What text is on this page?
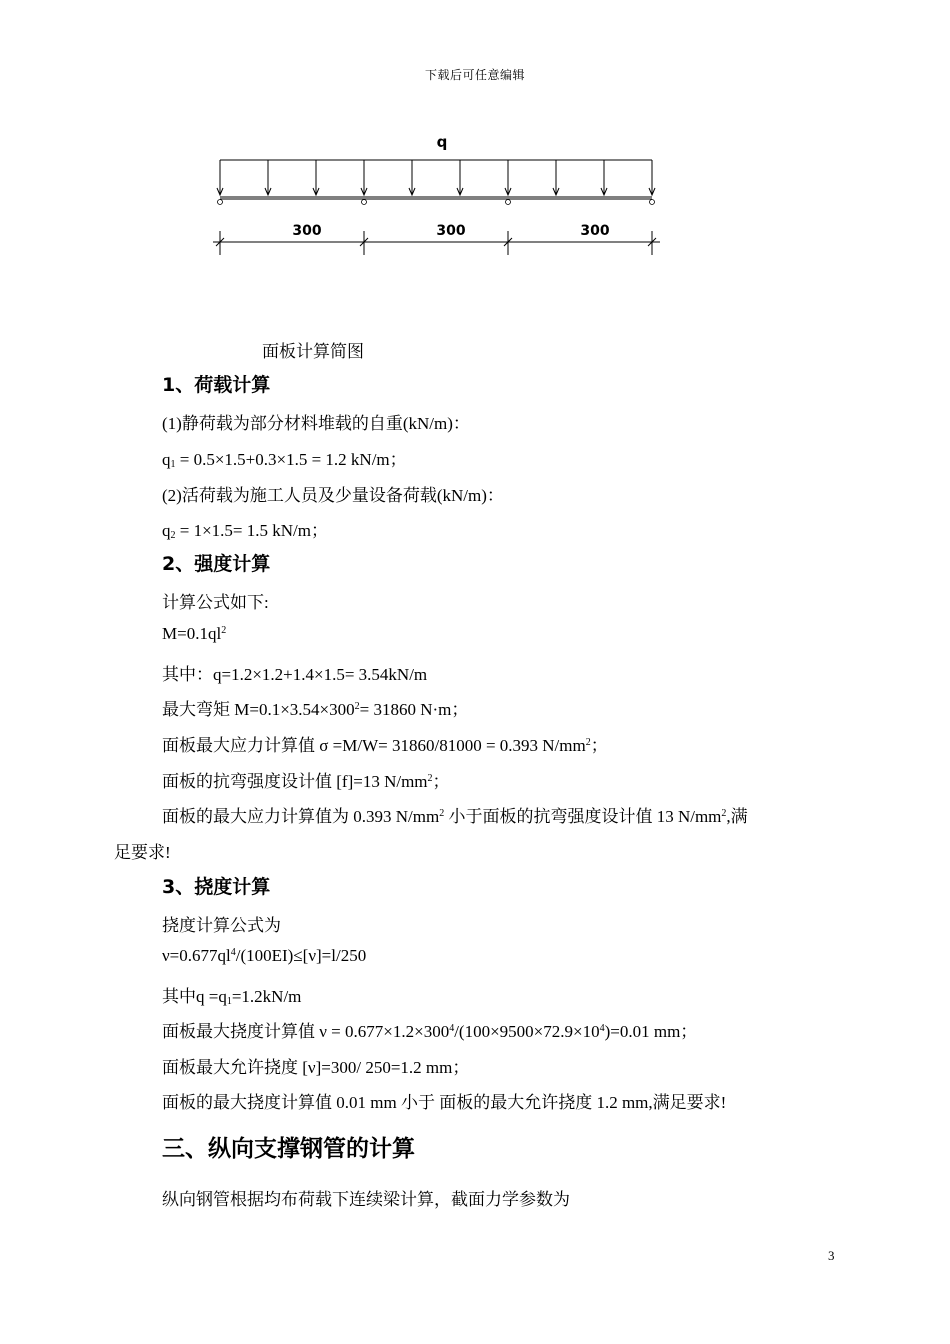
下载后可任意编辑
q
300	300	300
面板计算简图
1、荷载计算
(1)静荷载为部分材料堆载的自重(kN/m)：
$q_1 = 0.5\times 1.5+0.3\times 1.5 = 1.2$ kN/m；
(2)活荷载为施工人员及少量设备荷载(kN/m)：
$q_2 = 1\times 1.5= 1.5$ kN/m；
2、强度计算
计算公式如下:
$M=0.1ql^2$
其中：q=1.2×1.2+1.4×1.5= 3.54kN/m
最大弯矩 $M=0.1\times 3.54\times 300^2= 31860$ N·m；
面板最大应力计算值 σ =M/W= 31860/81000 = 0.393 $N/mm^2$；
面板的抗弯强度设计值 [f]=13 $N/mm^2$；
面板的最大应力计算值为 0.393 $N/mm^2$ 小于面板的抗弯强度设计值 13 $N/mm^2$,满
足要求!
3、挠度计算
挠度计算公式为
$\nu=0.677ql^4/(100EI)\le[\nu]=l/250$
其中$q =q_1=1.2kN/m$
面板最大挠度计算值 $\nu = 0.677\times 1.2\times 300^4/(100\times 9500\times 72.9\times 10^4)=0.01$ mm；
面板最大允许挠度 [ν]=300/ 250=1.2 mm；
面板的最大挠度计算值 0.01 mm 小于 面板的最大允许挠度 1.2 mm,满足要求!
三、纵向支撑钢管的计算
纵向钢管根据均布荷载下连续梁计算，截面力学参数为
3
